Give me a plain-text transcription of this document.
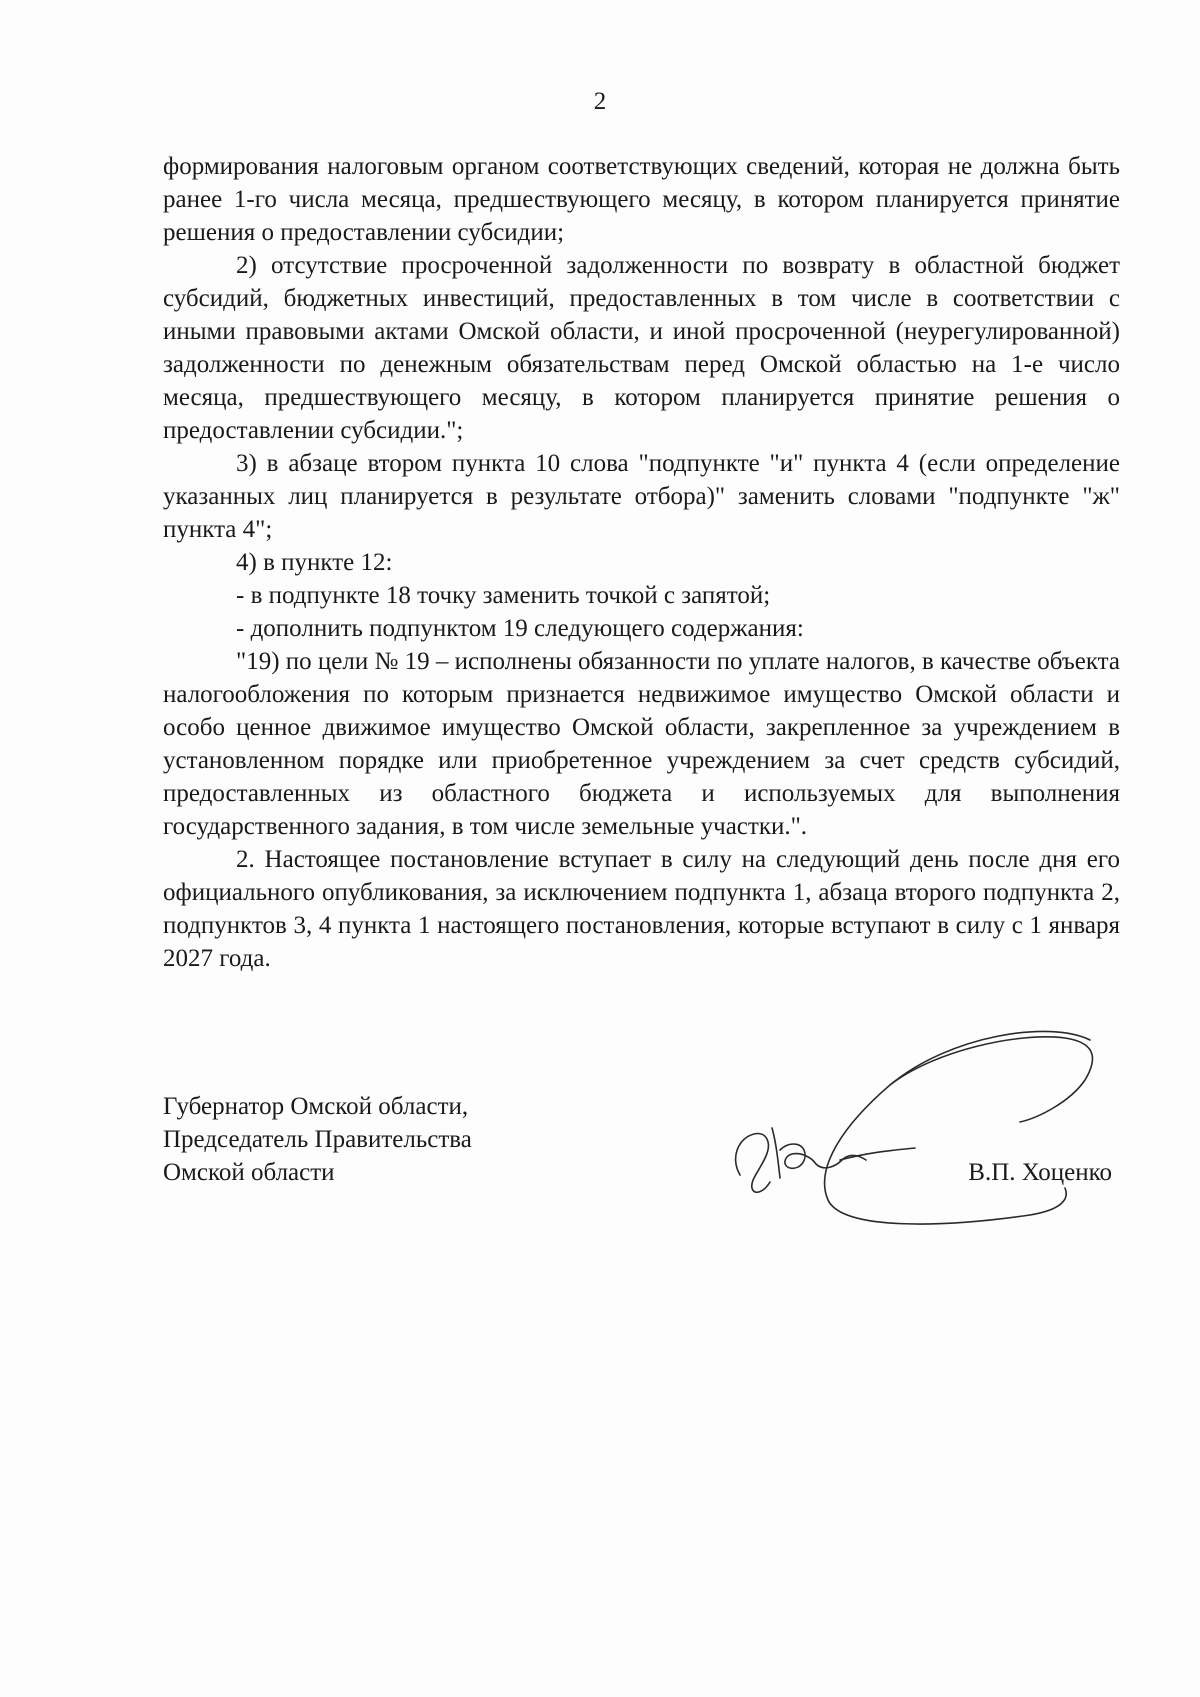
2

формирования налоговым органом соответствующих сведений, которая не должна быть ранее 1-го числа месяца, предшествующего месяцу, в котором планируется принятие решения о предоставлении субсидии;

2) отсутствие просроченной задолженности по возврату в областной бюджет субсидий, бюджетных инвестиций, предоставленных в том числе в соответствии с иными правовыми актами Омской области, и иной просроченной (неурегулированной) задолженности по денежным обязательствам перед Омской областью на 1-е число месяца, предшествующего месяцу, в котором планируется принятие решения о предоставлении субсидии.";

3) в абзаце втором пункта 10 слова "подпункте "и" пункта 4 (если определение указанных лиц планируется в результате отбора)" заменить словами "подпункте "ж" пункта 4";

4) в пункте 12:

- в подпункте 18 точку заменить точкой с запятой;

- дополнить подпунктом 19 следующего содержания:

"19) по цели № 19 – исполнены обязанности по уплате налогов, в качестве объекта налогообложения по которым признается недвижимое имущество Омской области и особо ценное движимое имущество Омской области, закрепленное за учреждением в установленном порядке или приобретенное учреждением за счет средств субсидий, предоставленных из областного бюджета и используемых для выполнения государственного задания, в том числе земельные участки.".

2. Настоящее постановление вступает в силу на следующий день после дня его официального опубликования, за исключением подпункта 1, абзаца второго подпункта 2, подпунктов 3, 4 пункта 1 настоящего постановления, которые вступают в силу с 1 января 2027 года.

Губернатор Омской области,
Председатель Правительства
Омской области	В.П. Хоценко
